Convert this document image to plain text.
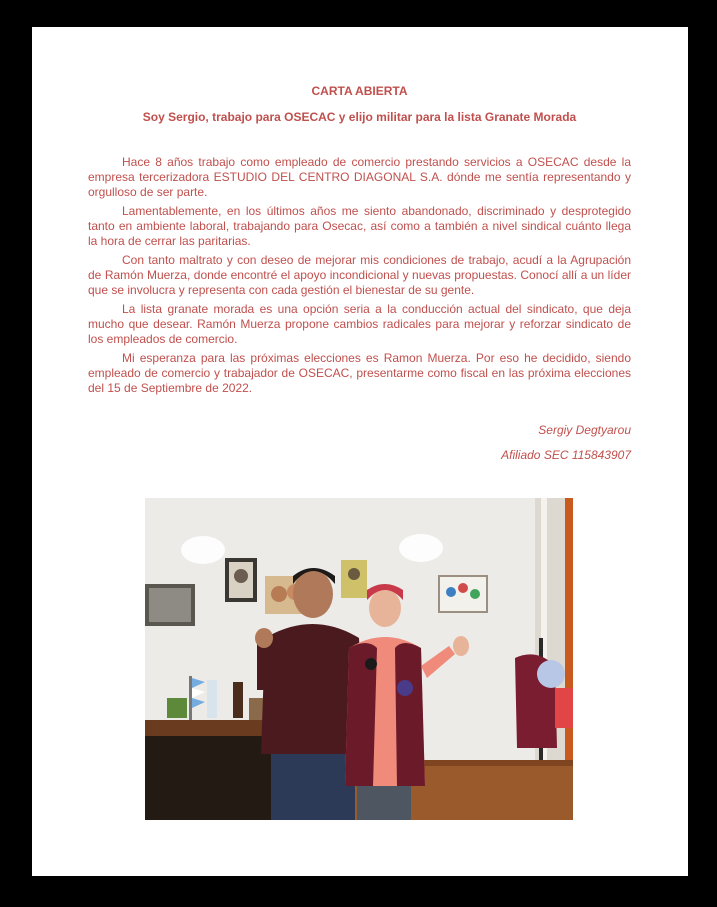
CARTA ABIERTA
Soy Sergio, trabajo para OSECAC y elijo militar para la lista Granate Morada

Hace 8 años trabajo como empleado de comercio prestando servicios a OSECAC desde la empresa tercerizadora ESTUDIO DEL CENTRO DIAGONAL S.A. dónde me sentía representando y orgulloso de ser parte.

Lamentablemente, en los últimos años me siento abandonado, discriminado y desprotegido tanto en ambiente laboral, trabajando para Osecac, así como a también a nivel sindical cuánto llega la hora de cerrar las paritarias.

Con tanto maltrato y con deseo de mejorar mis condiciones de trabajo, acudí a la Agrupación de Ramón Muerza, donde encontré el apoyo incondicional y nuevas propuestas. Conocí allí a un líder que se involucra y representa con cada gestión el bienestar de su gente.

La lista granate morada es una opción seria a la conducción actual del sindicato, que deja mucho que desear. Ramón Muerza propone cambios radicales para mejorar y reforzar sindicato de los empleados de comercio.

Mi esperanza para las próximas elecciones es Ramon Muerza. Por eso he decidido, siendo empleado de comercio y trabajador de OSECAC, presentarme como fiscal en las próxima elecciones del 15 de Septiembre de 2022.

Sergiy Degtyarou
Afiliado SEC 115843907
